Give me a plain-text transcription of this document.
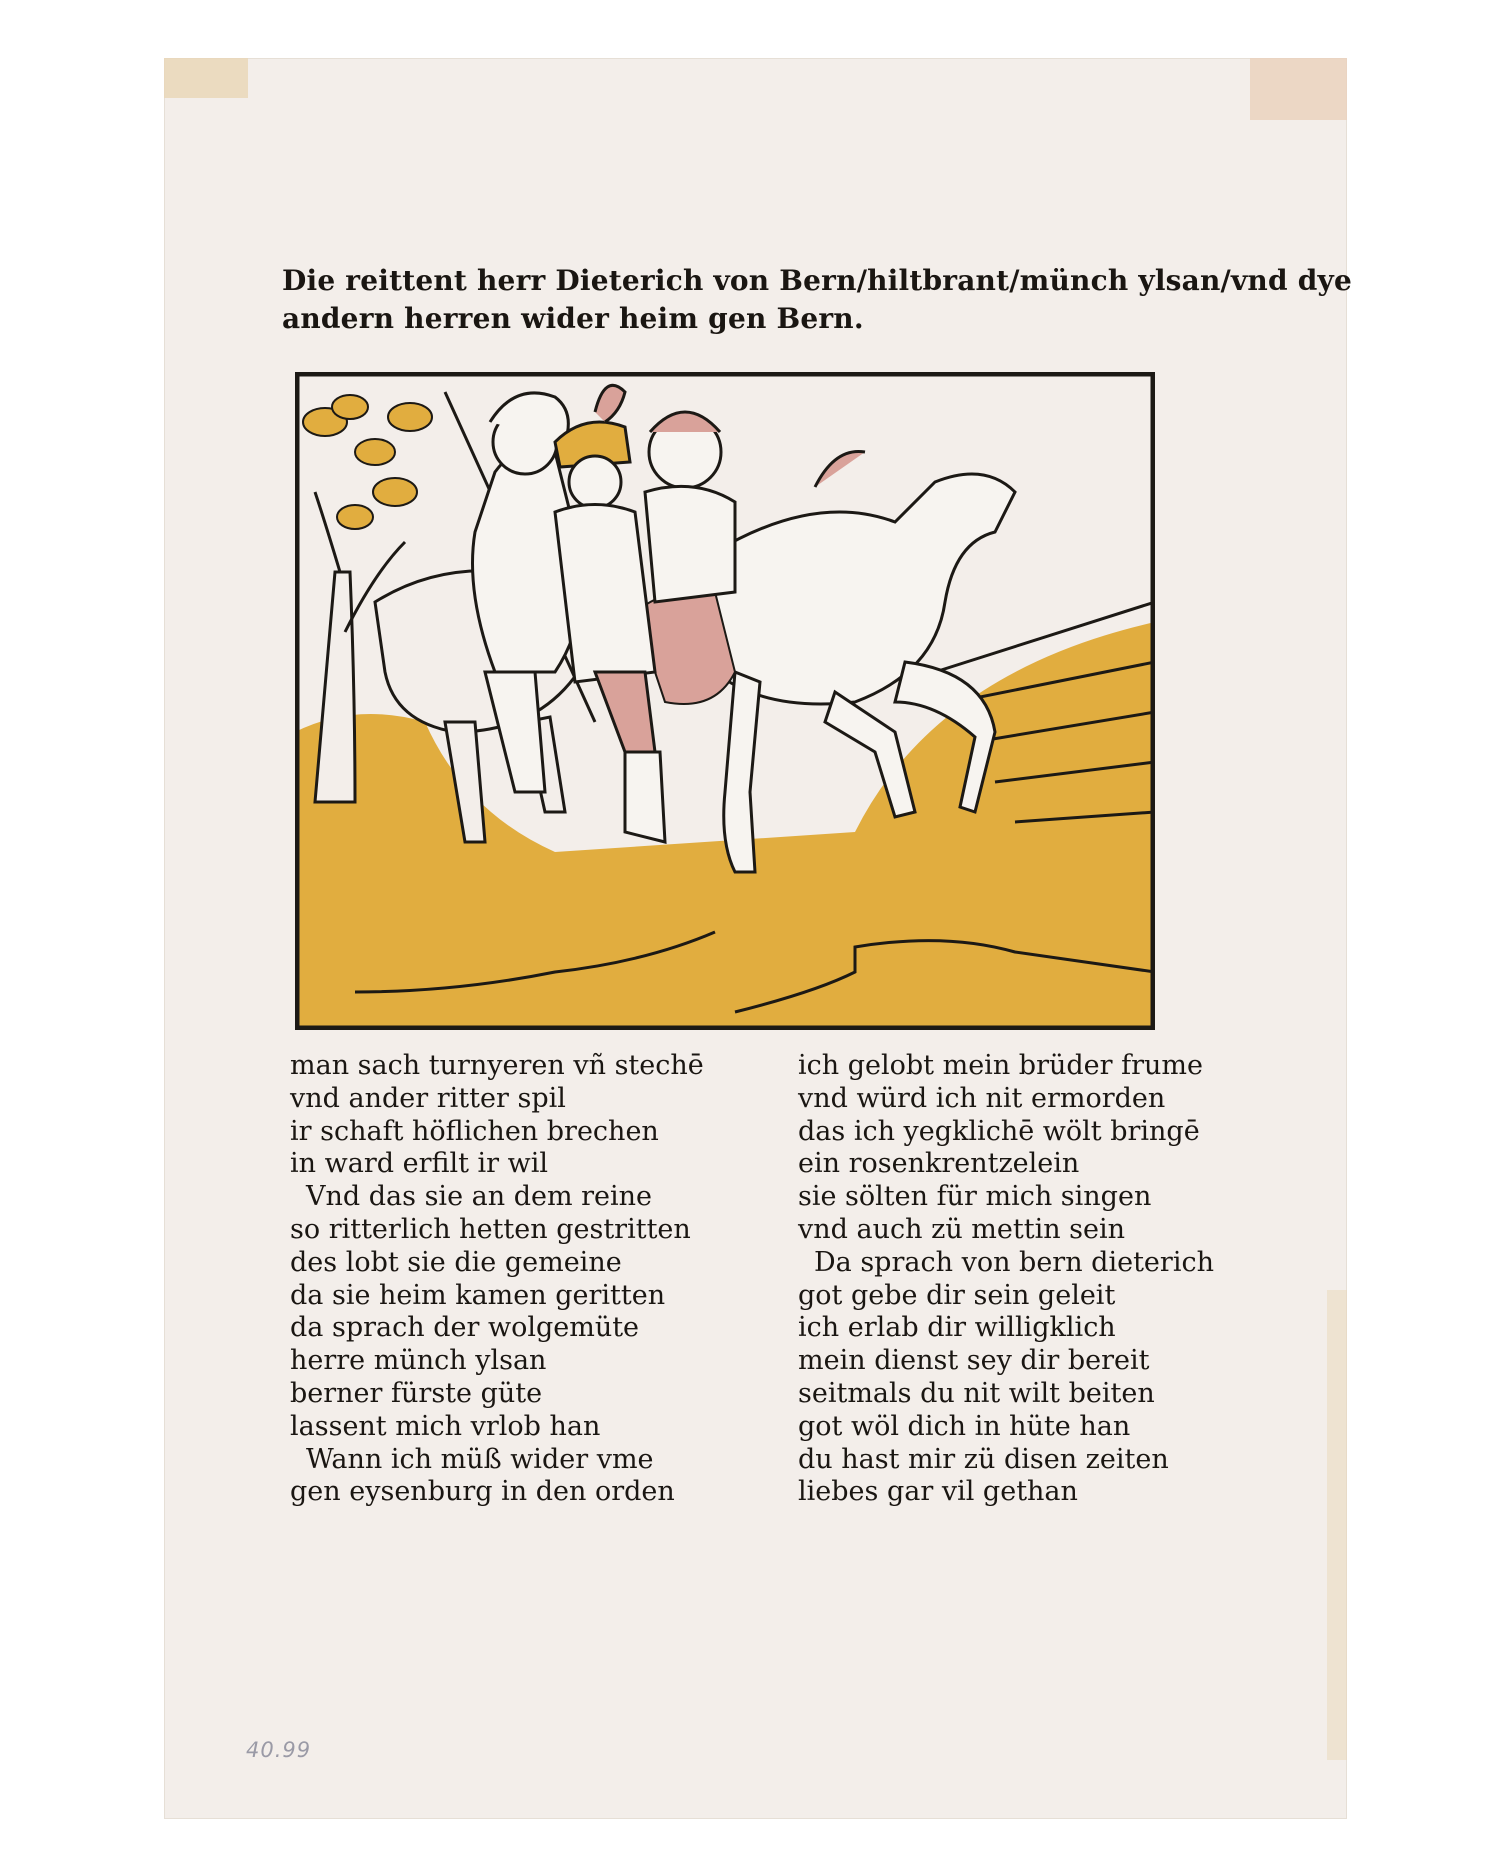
Die reittent herr Dieterich von Bern/hiltbrant/münch ylsan/vnd dye
andern herren wider heim gen Bern.
man sach turnyeren vñ stechē
vnd ander ritter spil
ir schaft höflichen brechen
in ward erfilt ir wil
Vnd das sie an dem reine
so ritterlich hetten gestritten
des lobt sie die gemeine
da sie heim kamen geritten
da sprach der wolgemüte
herre münch ylsan
berner fürste güte
lassent mich vrlob han
Wann ich müß wider vme
gen eysenburg in den orden
ich gelobt mein brüder frume
vnd würd ich nit ermorden
das ich yegklichē wölt bringē
ein rosenkrentzelein
sie sölten für mich singen
vnd auch zü mettin sein
Da sprach von bern dieterich
got gebe dir sein geleit
ich erlab dir willigklich
mein dienst sey dir bereit
seitmals du nit wilt beiten
got wöl dich in hüte han
du hast mir zü disen zeiten
liebes gar vil gethan
40.99
